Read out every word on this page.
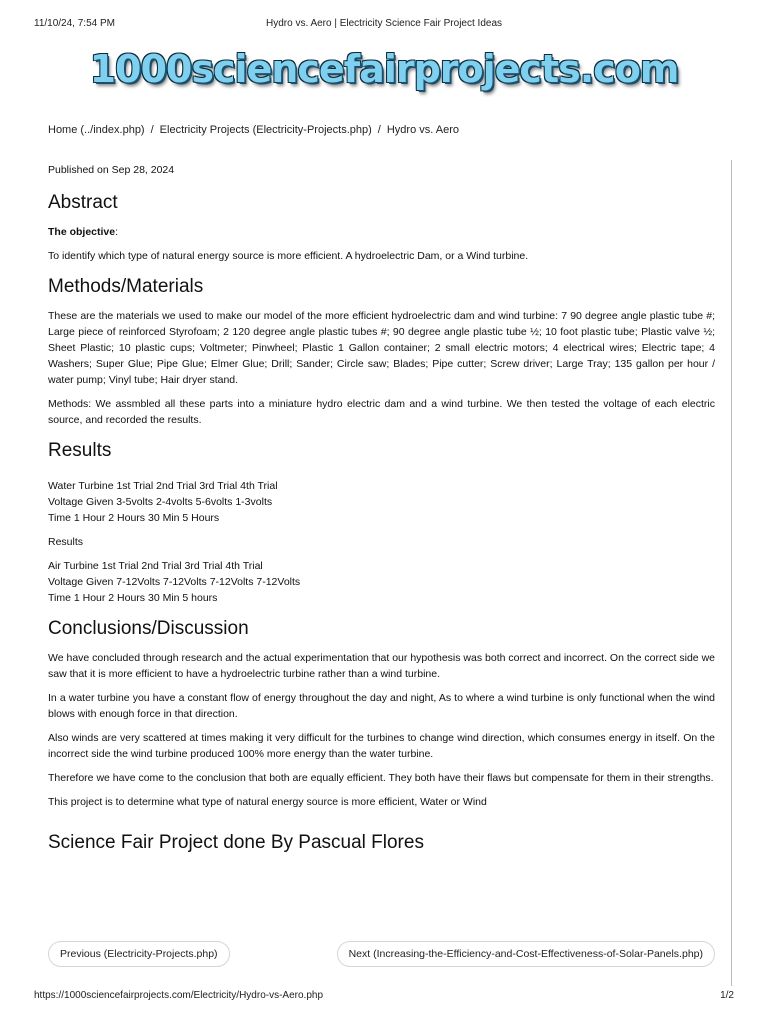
11/10/24, 7:54 PM	Hydro vs. Aero | Electricity Science Fair Project Ideas
1000sciencefairprojects.com
Home (../index.php) / Electricity Projects (Electricity-Projects.php) / Hydro vs. Aero

Published on Sep 28, 2024

Abstract

The objective:

To identify which type of natural energy source is more efficient. A hydroelectric Dam, or a Wind turbine.

Methods/Materials

These are the materials we used to make our model of the more efficient hydroelectric dam and wind turbine: 7 90 degree angle plastic tube #; Large piece of reinforced Styrofoam; 2 120 degree angle plastic tubes #; 90 degree angle plastic tube ½; 10 foot plastic tube; Plastic valve ½; Sheet Plastic; 10 plastic cups; Voltmeter; Pinwheel; Plastic 1 Gallon container; 2 small electric motors; 4 electrical wires; Electric tape; 4 Washers; Super Glue; Pipe Glue; Elmer Glue; Drill; Sander; Circle saw; Blades; Pipe cutter; Screw driver; Large Tray; 135 gallon per hour / water pump; Vinyl tube; Hair dryer stand.

Methods: We assmbled all these parts into a miniature hydro electric dam and a wind turbine. We then tested the voltage of each electric source, and recorded the results.

Results

Water Turbine 1st Trial 2nd Trial 3rd Trial 4th Trial

Voltage Given 3-5volts 2-4volts 5-6volts 1-3volts

Time 1 Hour 2 Hours 30 Min 5 Hours

Results

Air Turbine 1st Trial 2nd Trial 3rd Trial 4th Trial

Voltage Given 7-12Volts 7-12Volts 7-12Volts 7-12Volts

Time 1 Hour 2 Hours 30 Min 5 hours

Conclusions/Discussion

We have concluded through research and the actual experimentation that our hypothesis was both correct and incorrect. On the correct side we saw that it is more efficient to have a hydroelectric turbine rather than a wind turbine.

In a water turbine you have a constant flow of energy throughout the day and night, As to where a wind turbine is only functional when the wind blows with enough force in that direction.

Also winds are very scattered at times making it very difficult for the turbines to change wind direction, which consumes energy in itself. On the incorrect side the wind turbine produced 100% more energy than the water turbine.

Therefore we have come to the conclusion that both are equally efficient. They both have their flaws but compensate for them in their strengths.

This project is to determine what type of natural energy source is more efficient, Water or Wind

Science Fair Project done By Pascual Flores
Previous (Electricity-Projects.php)	Next (Increasing-the-Efficiency-and-Cost-Effectiveness-of-Solar-Panels.php)
https://1000sciencefairprojects.com/Electricity/Hydro-vs-Aero.php	1/2
